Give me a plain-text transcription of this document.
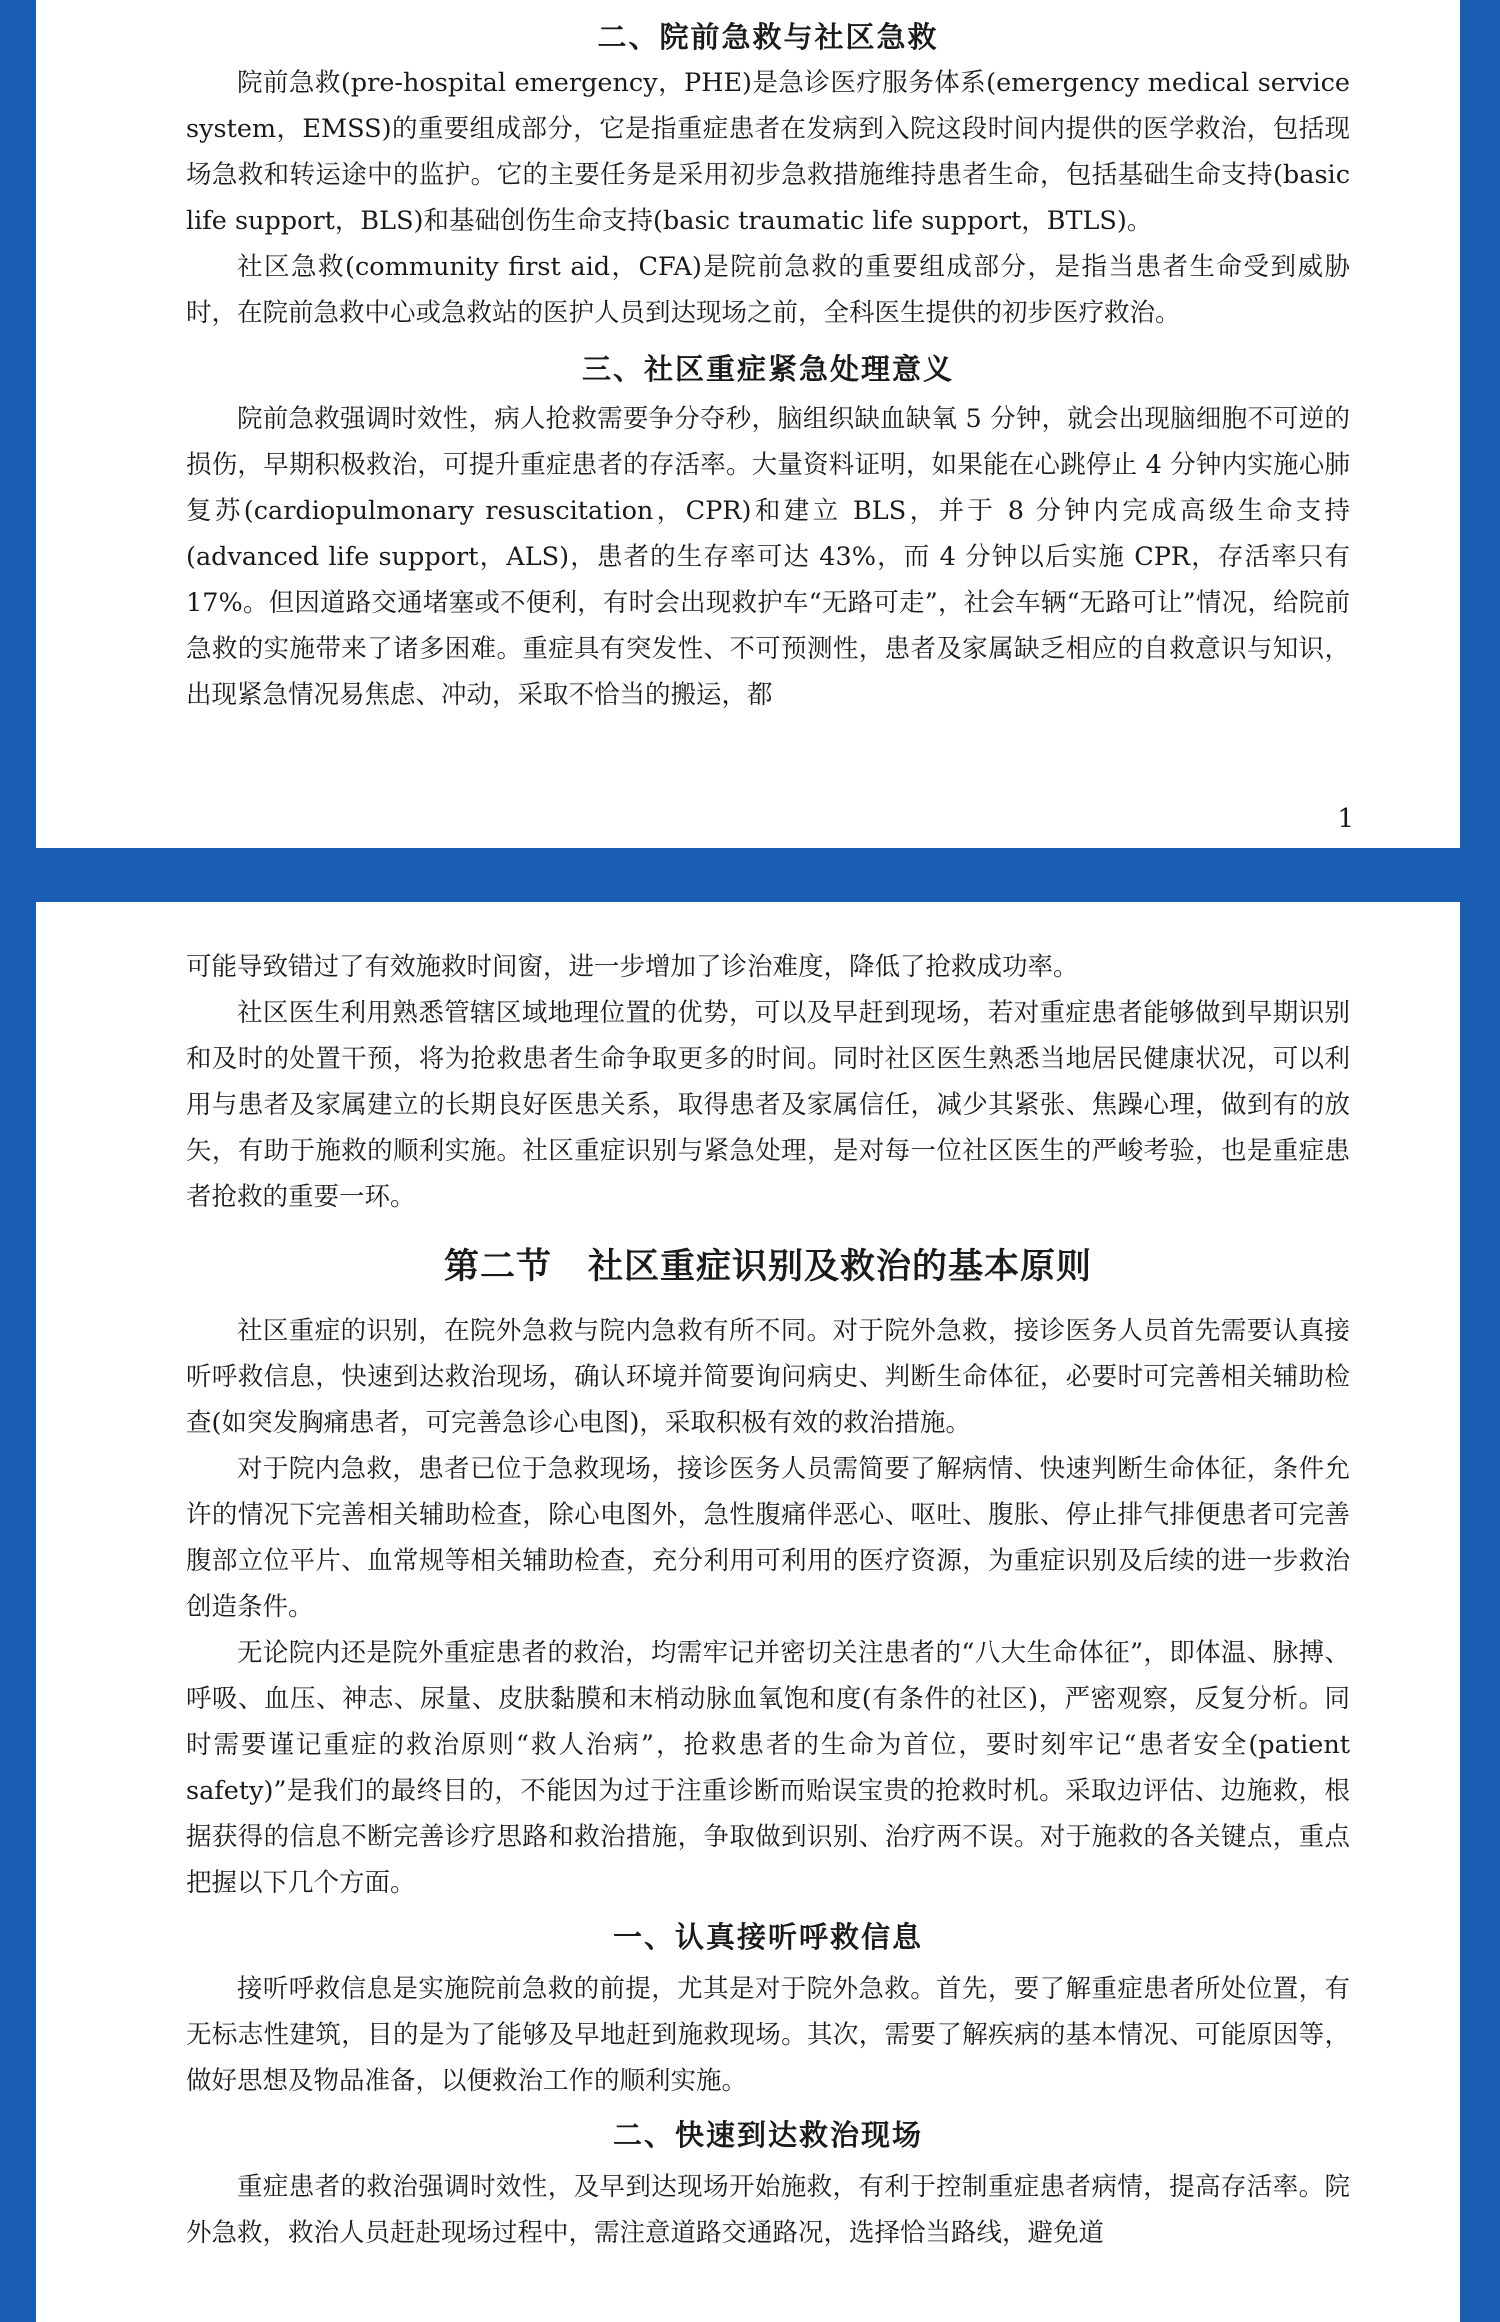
二、院前急救与社区急救

院前急救(pre-hospital emergency，PHE)是急诊医疗服务体系(emergency medical service system，EMSS)的重要组成部分，它是指重症患者在发病到入院这段时间内提供的医学救治，包括现场急救和转运途中的监护。它的主要任务是采用初步急救措施维持患者生命，包括基础生命支持(basic life support，BLS)和基础创伤生命支持(basic traumatic life support，BTLS)。

社区急救(community first aid，CFA)是院前急救的重要组成部分，是指当患者生命受到威胁时，在院前急救中心或急救站的医护人员到达现场之前，全科医生提供的初步医疗救治。

三、社区重症紧急处理意义

院前急救强调时效性，病人抢救需要争分夺秒，脑组织缺血缺氧 5 分钟，就会出现脑细胞不可逆的损伤，早期积极救治，可提升重症患者的存活率。大量资料证明，如果能在心跳停止 4 分钟内实施心肺复苏(cardiopulmonary resuscitation，CPR)和建立 BLS，并于 8 分钟内完成高级生命支持(advanced life support，ALS)，患者的生存率可达 43%，而 4 分钟以后实施 CPR，存活率只有 17%。但因道路交通堵塞或不便利，有时会出现救护车“无路可走”，社会车辆“无路可让”情况，给院前急救的实施带来了诸多困难。重症具有突发性、不可预测性，患者及家属缺乏相应的自救意识与知识，出现紧急情况易焦虑、冲动，采取不恰当的搬运，都

1

可能导致错过了有效施救时间窗，进一步增加了诊治难度，降低了抢救成功率。

社区医生利用熟悉管辖区域地理位置的优势，可以及早赶到现场，若对重症患者能够做到早期识别和及时的处置干预，将为抢救患者生命争取更多的时间。同时社区医生熟悉当地居民健康状况，可以利用与患者及家属建立的长期良好医患关系，取得患者及家属信任，减少其紧张、焦躁心理，做到有的放矢，有助于施救的顺利实施。社区重症识别与紧急处理，是对每一位社区医生的严峻考验，也是重症患者抢救的重要一环。

第二节　社区重症识别及救治的基本原则

社区重症的识别，在院外急救与院内急救有所不同。对于院外急救，接诊医务人员首先需要认真接听呼救信息，快速到达救治现场，确认环境并简要询问病史、判断生命体征，必要时可完善相关辅助检查(如突发胸痛患者，可完善急诊心电图)，采取积极有效的救治措施。

对于院内急救，患者已位于急救现场，接诊医务人员需简要了解病情、快速判断生命体征，条件允许的情况下完善相关辅助检查，除心电图外，急性腹痛伴恶心、呕吐、腹胀、停止排气排便患者可完善腹部立位平片、血常规等相关辅助检查，充分利用可利用的医疗资源，为重症识别及后续的进一步救治创造条件。

无论院内还是院外重症患者的救治，均需牢记并密切关注患者的“八大生命体征”，即体温、脉搏、呼吸、血压、神志、尿量、皮肤黏膜和末梢动脉血氧饱和度(有条件的社区)，严密观察，反复分析。同时需要谨记重症的救治原则“救人治病”，抢救患者的生命为首位，要时刻牢记“患者安全(patient safety)”是我们的最终目的，不能因为过于注重诊断而贻误宝贵的抢救时机。采取边评估、边施救，根据获得的信息不断完善诊疗思路和救治措施，争取做到识别、治疗两不误。对于施救的各关键点，重点把握以下几个方面。

一、认真接听呼救信息

接听呼救信息是实施院前急救的前提，尤其是对于院外急救。首先，要了解重症患者所处位置，有无标志性建筑，目的是为了能够及早地赶到施救现场。其次，需要了解疾病的基本情况、可能原因等，做好思想及物品准备，以便救治工作的顺利实施。

二、快速到达救治现场

重症患者的救治强调时效性，及早到达现场开始施救，有利于控制重症患者病情，提高存活率。院外急救，救治人员赶赴现场过程中，需注意道路交通路况，选择恰当路线，避免道
